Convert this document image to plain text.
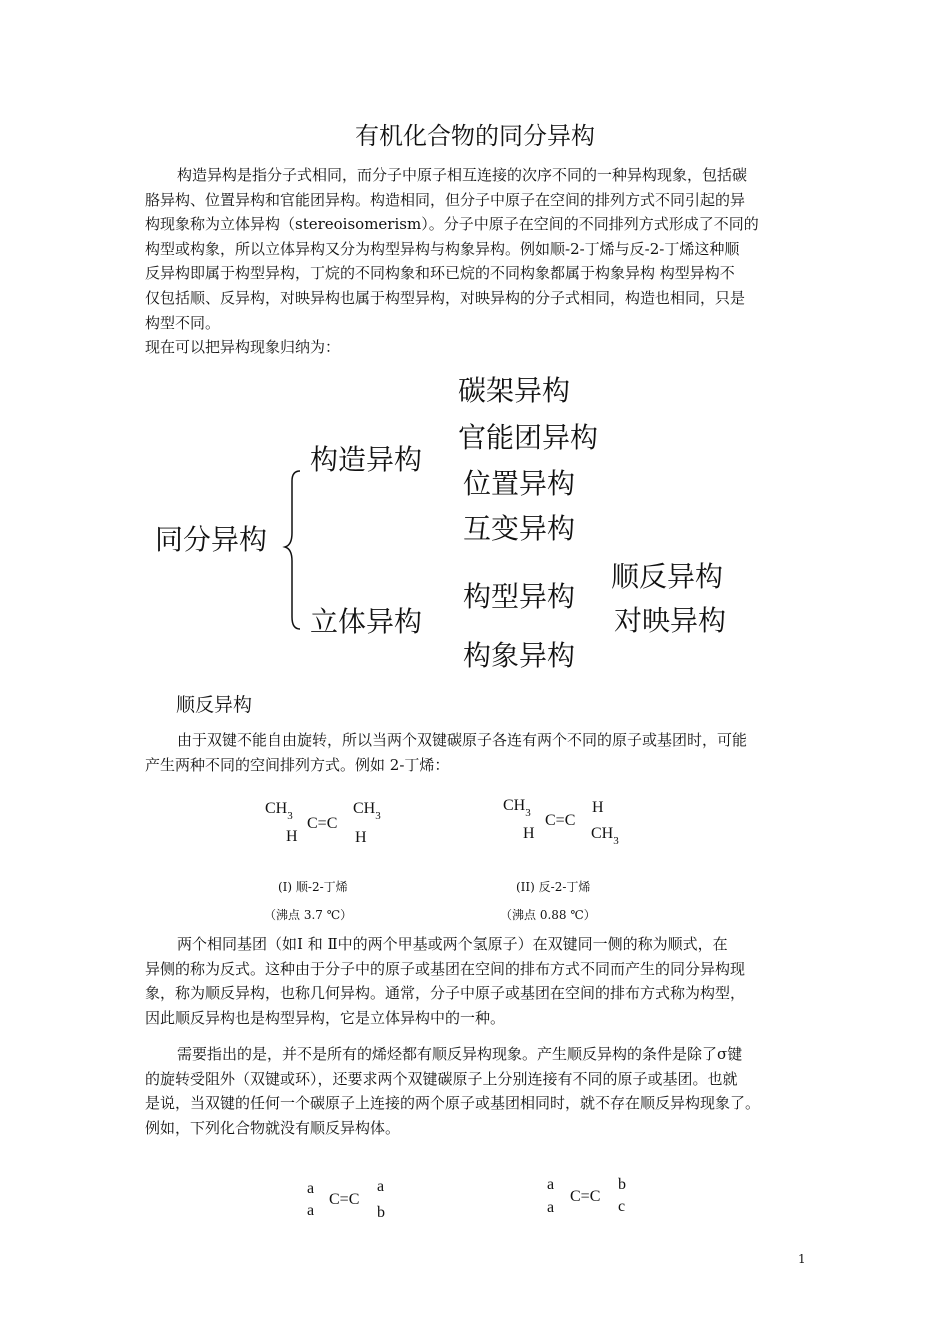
有机化合物的同分异构
构造异构是指分子式相同，而分子中原子相互连接的次序不同的一种异构现象，包括碳
胳异构、位置异构和官能团异构。构造相同，但分子中原子在空间的排列方式不同引起的异
构现象称为立体异构（stereoisomerism）。分子中原子在空间的不同排列方式形成了不同的
构型或构象，所以立体异构又分为构型异构与构象异构。例如顺-2-丁烯与反-2-丁烯这种顺
反异构即属于构型异构，丁烷的不同构象和环已烷的不同构象都属于构象异构 构型异构不
仅包括顺、反异构，对映异构也属于构型异构，对映异构的分子式相同，构造也相同，只是
构型不同。
现在可以把异构现象归纳为：
碳架异构
官能团异构
构造异构
位置异构
互变异构
同分异构
顺反异构
构型异构
立体异构	对映异构
构象异构
顺反异构
由于双键不能自由旋转，所以当两个双键碳原子各连有两个不同的原子或基团时，可能
产生两种不同的空间排列方式。例如 2-丁烯：
$CH_3$	$CH_3$
C=C
H	H
(I) 顺-2-丁烯
（沸点 3.7 ℃）
$CH_3$	H
C=C
H	$CH_3$
(II) 反-2-丁烯
（沸点 0.88 ℃）
两个相同基团（如Ⅰ 和 Ⅱ中的两个甲基或两个氢原子）在双键同一侧的称为顺式，在
异侧的称为反式。这种由于分子中的原子或基团在空间的排布方式不同而产生的同分异构现
象，称为顺反异构，也称几何异构。通常，分子中原子或基团在空间的排布方式称为构型，
因此顺反异构也是构型异构，它是立体异构中的一种。
需要指出的是，并不是所有的烯烃都有顺反异构现象。产生顺反异构的条件是除了σ键
的旋转受阻外（双键或环），还要求两个双键碳原子上分别连接有不同的原子或基团。也就
是说，当双键的任何一个碳原子上连接的两个原子或基团相同时，就不存在顺反异构现象了。
例如，下列化合物就没有顺反异构体。
a
a
C=C
a
b
a
a
C=C
b
c
1
